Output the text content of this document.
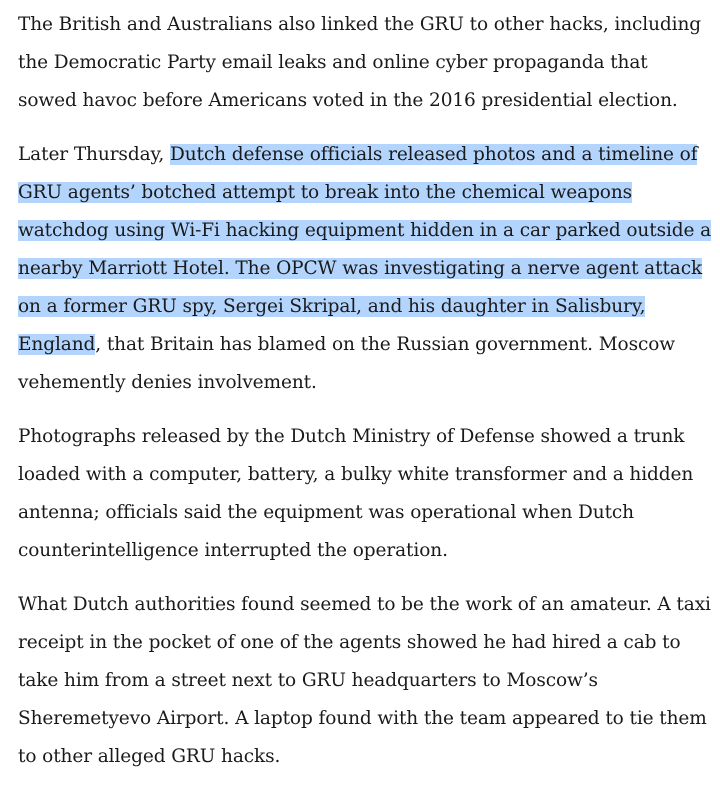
The British and Australians also linked the GRU to other hacks, including the Democratic Party email leaks and online cyber propaganda that sowed havoc before Americans voted in the 2016 presidential election.

Later Thursday, Dutch defense officials released photos and a timeline of GRU agents’ botched attempt to break into the chemical weapons watchdog using Wi-Fi hacking equipment hidden in a car parked outside a nearby Marriott Hotel. The OPCW was investigating a nerve agent attack on a former GRU spy, Sergei Skripal, and his daughter in Salisbury, England, that Britain has blamed on the Russian government. Moscow vehemently denies involvement.

Photographs released by the Dutch Ministry of Defense showed a trunk loaded with a computer, battery, a bulky white transformer and a hidden antenna; officials said the equipment was operational when Dutch counterintelligence interrupted the operation.

What Dutch authorities found seemed to be the work of an amateur. A taxi receipt in the pocket of one of the agents showed he had hired a cab to take him from a street next to GRU headquarters to Moscow’s Sheremetyevo Airport. A laptop found with the team appeared to tie them to other alleged GRU hacks.
